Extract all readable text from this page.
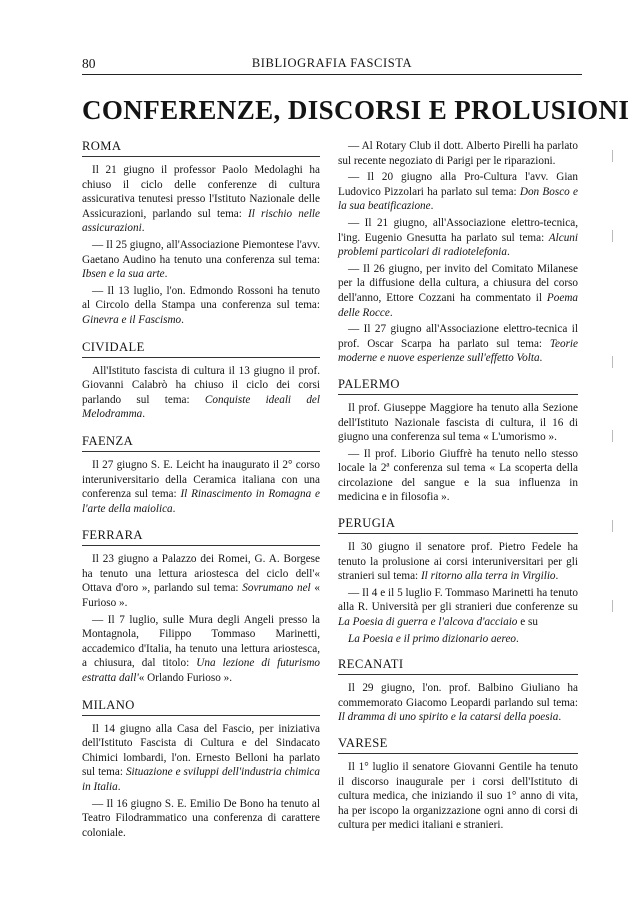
80	BIBLIOGRAFIA FASCISTA
CONFERENZE, DISCORSI E PROLUSIONI
ROMA

Il 21 giugno il professor Paolo Medolaghi ha chiuso il ciclo delle conferenze di cultura assicurativa tenutesi presso l'Istituto Nazionale delle Assicurazioni, parlando sul tema: Il rischio nelle assicurazioni.

— Il 25 giugno, all'Associazione Piemontese l'avv. Gaetano Audino ha tenuto una conferenza sul tema: Ibsen e la sua arte.

— Il 13 luglio, l'on. Edmondo Rossoni ha tenuto al Circolo della Stampa una conferenza sul tema: Ginevra e il Fascismo.

CIVIDALE

All'Istituto fascista di cultura il 13 giugno il prof. Giovanni Calabrò ha chiuso il ciclo dei corsi parlando sul tema: Conquiste ideali del Melodramma.

FAENZA

Il 27 giugno S. E. Leicht ha inaugurato il 2° corso interuniversitario della Ceramica italiana con una conferenza sul tema: Il Rinascimento in Romagna e l'arte della maiolica.

FERRARA

Il 23 giugno a Palazzo dei Romei, G. A. Borgese ha tenuto una lettura ariostesca del ciclo dell'« Ottava d'oro », parlando sul tema: Sovrumano nel « Furioso ».

— Il 7 luglio, sulle Mura degli Angeli presso la Montagnola, Filippo Tommaso Marinetti, accademico d'Italia, ha tenuto una lettura ariostesca, a chiusura, dal titolo: Una lezione di futurismo estratta dall'« Orlando Furioso ».

MILANO

Il 14 giugno alla Casa del Fascio, per iniziativa dell'Istituto Fascista di Cultura e del Sindacato Chimici lombardi, l'on. Ernesto Belloni ha parlato sul tema: Situazione e sviluppi dell'industria chimica in Italia.

— Il 16 giugno S. E. Emilio De Bono ha tenuto al Teatro Filodrammatico una conferenza di carattere coloniale.

— Al Rotary Club il dott. Alberto Pirelli ha parlato sul recente negoziato di Parigi per le riparazioni.

— Il 20 giugno alla Pro-Cultura l'avv. Gian Ludovico Pizzolari ha parlato sul tema: Don Bosco e la sua beatificazione.

— Il 21 giugno, all'Associazione elettro-tecnica, l'ing. Eugenio Gnesutta ha parlato sul tema: Alcuni problemi particolari di radiotelefonia.

— Il 26 giugno, per invito del Comitato Milanese per la diffusione della cultura, a chiusura del corso dell'anno, Ettore Cozzani ha commentato il Poema delle Rocce.

— Il 27 giugno all'Associazione elettro-tecnica il prof. Oscar Scarpa ha parlato sul tema: Teorie moderne e nuove esperienze sull'effetto Volta.

PALERMO

Il prof. Giuseppe Maggiore ha tenuto alla Sezione dell'Istituto Nazionale fascista di cultura, il 16 di giugno una conferenza sul tema « L'umorismo ».

— Il prof. Liborio Giuffrè ha tenuto nello stesso locale la 2ª conferenza sul tema « La scoperta della circolazione del sangue e la sua influenza in medicina e in filosofia ».

PERUGIA

Il 30 giugno il senatore prof. Pietro Fedele ha tenuto la prolusione ai corsi interuniversitari per gli stranieri sul tema: Il ritorno alla terra in Virgilio.

— Il 4 e il 5 luglio F. Tommaso Marinetti ha tenuto alla R. Università per gli stranieri due conferenze su La Poesia di guerra e l'alcova d'acciaio e su

La Poesia e il primo dizionario aereo.

RECANATI

Il 29 giugno, l'on. prof. Balbino Giuliano ha commemorato Giacomo Leopardi parlando sul tema: Il dramma di uno spirito e la catarsi della poesia.

VARESE

Il 1° luglio il senatore Giovanni Gentile ha tenuto il discorso inaugurale per i corsi dell'Istituto di cultura medica, che iniziando il suo 1° anno di vita, ha per iscopo la organizzazione ogni anno di corsi di cultura per medici italiani e stranieri.
